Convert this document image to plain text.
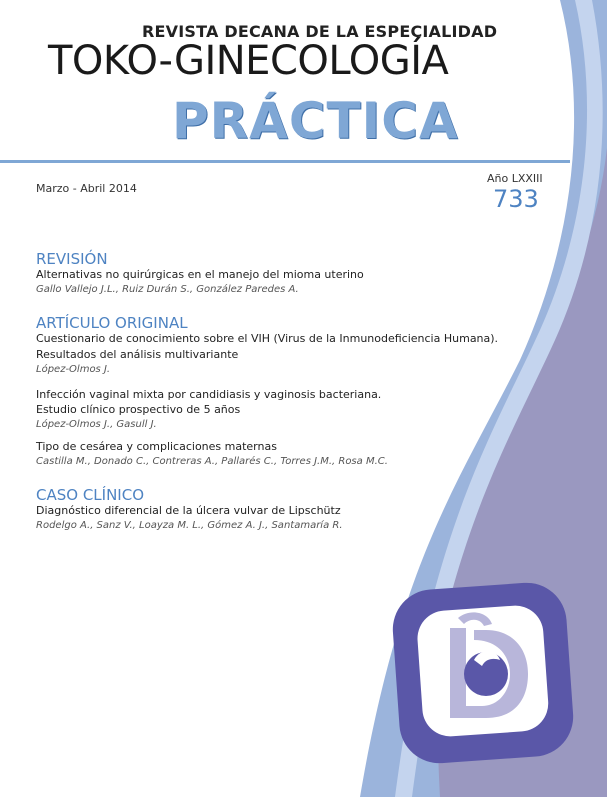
REVISTA DECANA DE LA ESPECIALIDAD
TOKO-GINECOLOGÍA
PRÁCTICA
Marzo - Abril 2014
Año LXXIII
733
REVISIÓN
Alternativas no quirúrgicas en el manejo del mioma uterino
Gallo Vallejo J.L., Ruiz Durán S., González Paredes A.
ARTÍCULO ORIGINAL
Cuestionario de conocimiento sobre el VIH (Virus de la Inmunodeficiencia Humana).
Resultados del análisis multivariante
López-Olmos J.
Infección vaginal mixta por candidiasis y vaginosis bacteriana.
Estudio clínico prospectivo de 5 años
López-Olmos J., Gasull J.
Tipo de cesárea y complicaciones maternas
Castilla M., Donado C., Contreras A., Pallarés C., Torres J.M., Rosa M.C.
CASO CLÍNICO
Diagnóstico diferencial de la úlcera vulvar de Lipschütz
Rodelgo A., Sanz V., Loayza M. L., Gómez A. J., Santamaría R.
